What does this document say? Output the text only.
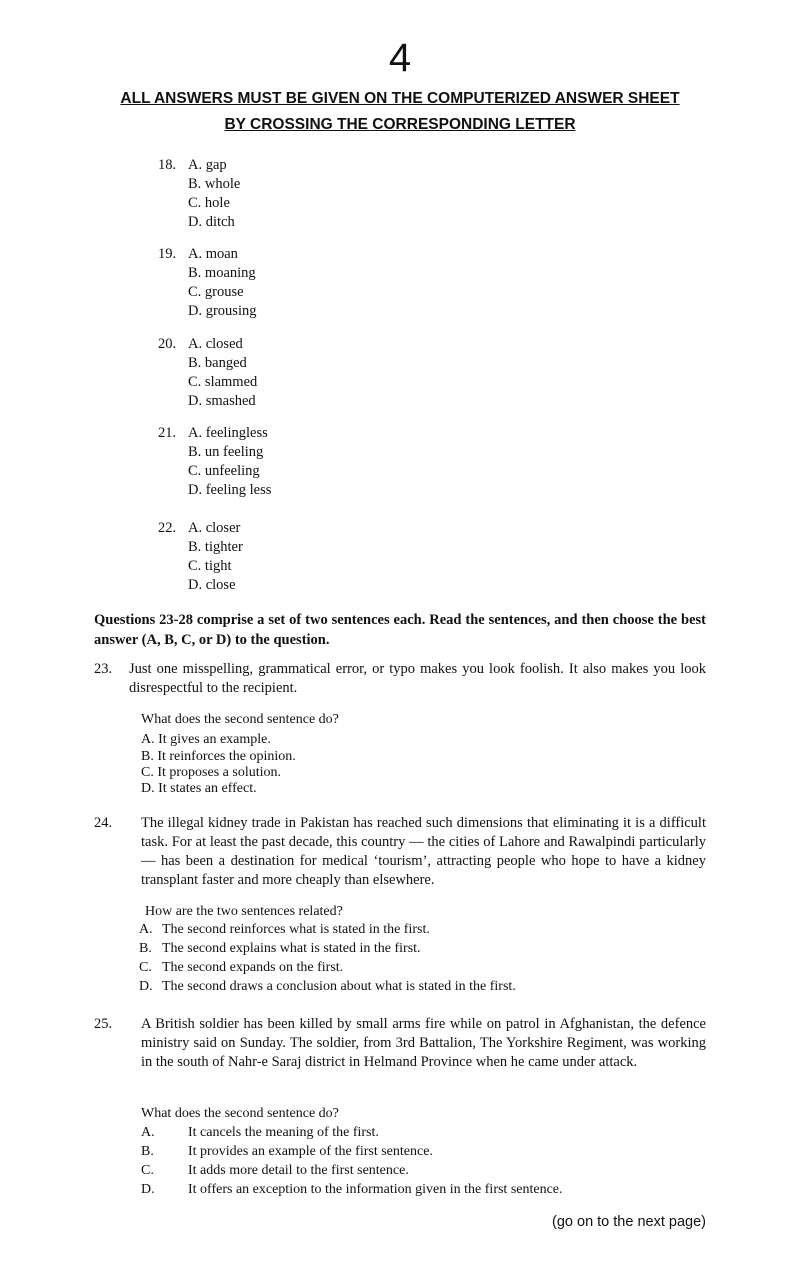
4
ALL ANSWERS MUST BE GIVEN ON THE COMPUTERIZED ANSWER SHEET
BY CROSSING THE CORRESPONDING LETTER
18. A. gap
B. whole
C. hole
D. ditch
19. A. moan
B. moaning
C. grouse
D. grousing
20. A. closed
B. banged
C. slammed
D. smashed
21. A. feelingless
B. un feeling
C. unfeeling
D. feeling less
22. A. closer
B. tighter
C. tight
D. close
Questions 23-28 comprise a set of two sentences each. Read the sentences, and then choose the best answer (A, B, C, or D) to the question.
23. Just one misspelling, grammatical error, or typo makes you look foolish. It also makes you look disrespectful to the recipient.
What does the second sentence do?
A. It gives an example.
B. It reinforces the opinion.
C. It proposes a solution.
D. It states an effect.
24. The illegal kidney trade in Pakistan has reached such dimensions that eliminating it is a difficult task. For at least the past decade, this country — the cities of Lahore and Rawalpindi particularly — has been a destination for medical ‘tourism’, attracting people who hope to have a kidney transplant faster and more cheaply than elsewhere.
How are the two sentences related?
A. The second reinforces what is stated in the first.
B. The second explains what is stated in the first.
C. The second expands on the first.
D. The second draws a conclusion about what is stated in the first.
25. A British soldier has been killed by small arms fire while on patrol in Afghanistan, the defence ministry said on Sunday. The soldier, from 3rd Battalion, The Yorkshire Regiment, was working in the south of Nahr-e Saraj district in Helmand Province when he came under attack.
What does the second sentence do?
A. It cancels the meaning of the first.
B. It provides an example of the first sentence.
C. It adds more detail to the first sentence.
D. It offers an exception to the information given in the first sentence.
(go on to the next page)
